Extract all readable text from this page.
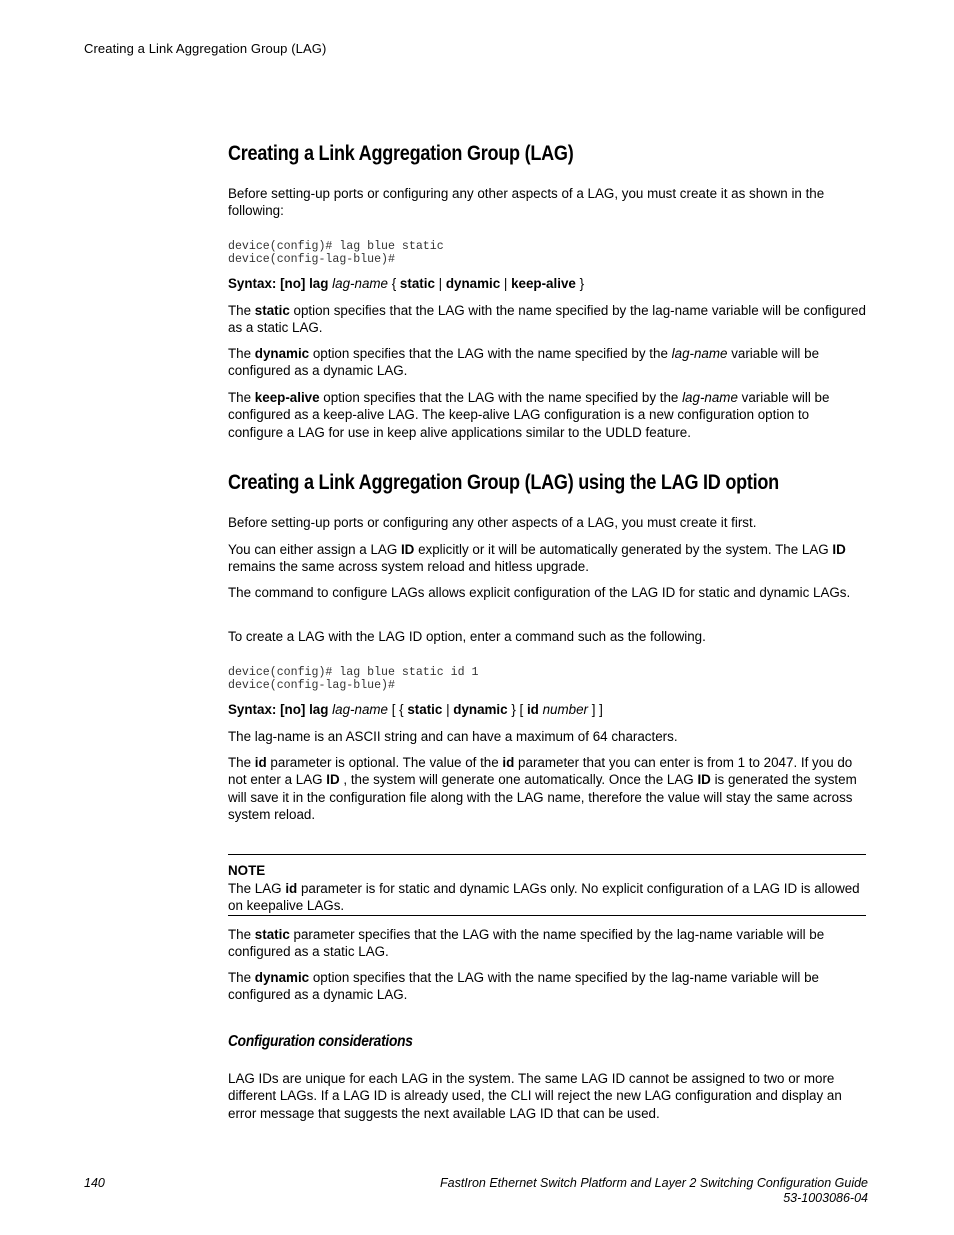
Creating a Link Aggregation Group (LAG)
Creating a Link Aggregation Group (LAG)

Before setting-up ports or configuring any other aspects of a LAG, you must create it as shown in the following:

device(config)# lag blue static
device(config-lag-blue)#

Syntax: [no] lag lag-name { static | dynamic | keep-alive }

The static option specifies that the LAG with the name specified by the lag-name variable will be configured as a static LAG.

The dynamic option specifies that the LAG with the name specified by the lag-name variable will be configured as a dynamic LAG.

The keep-alive option specifies that the LAG with the name specified by the lag-name variable will be configured as a keep-alive LAG. The keep-alive LAG configuration is a new configuration option to configure a LAG for use in keep alive applications similar to the UDLD feature.

Creating a Link Aggregation Group (LAG) using the LAG ID option

Before setting-up ports or configuring any other aspects of a LAG, you must create it first.

You can either assign a LAG ID explicitly or it will be automatically generated by the system. The LAG ID remains the same across system reload and hitless upgrade.

The command to configure LAGs allows explicit configuration of the LAG ID for static and dynamic LAGs.

To create a LAG with the LAG ID option, enter a command such as the following.

device(config)# lag blue static id 1
device(config-lag-blue)#

Syntax: [no] lag lag-name [ { static | dynamic } [ id number ] ]

The lag-name is an ASCII string and can have a maximum of 64 characters.

The id parameter is optional. The value of the id parameter that you can enter is from 1 to 2047. If you do not enter a LAG ID , the system will generate one automatically. Once the LAG ID is generated the system will save it in the configuration file along with the LAG name, therefore the value will stay the same across system reload.

NOTE

The LAG id parameter is for static and dynamic LAGs only. No explicit configuration of a LAG ID is allowed on keepalive LAGs.

The static parameter specifies that the LAG with the name specified by the lag-name variable will be configured as a static LAG.

The dynamic option specifies that the LAG with the name specified by the lag-name variable will be configured as a dynamic LAG.

Configuration considerations

LAG IDs are unique for each LAG in the system. The same LAG ID cannot be assigned to two or more different LAGs. If a LAG ID is already used, the CLI will reject the new LAG configuration and display an error message that suggests the next available LAG ID that can be used.

140	FastIron Ethernet Switch Platform and Layer 2 Switching Configuration Guide
53-1003086-04
